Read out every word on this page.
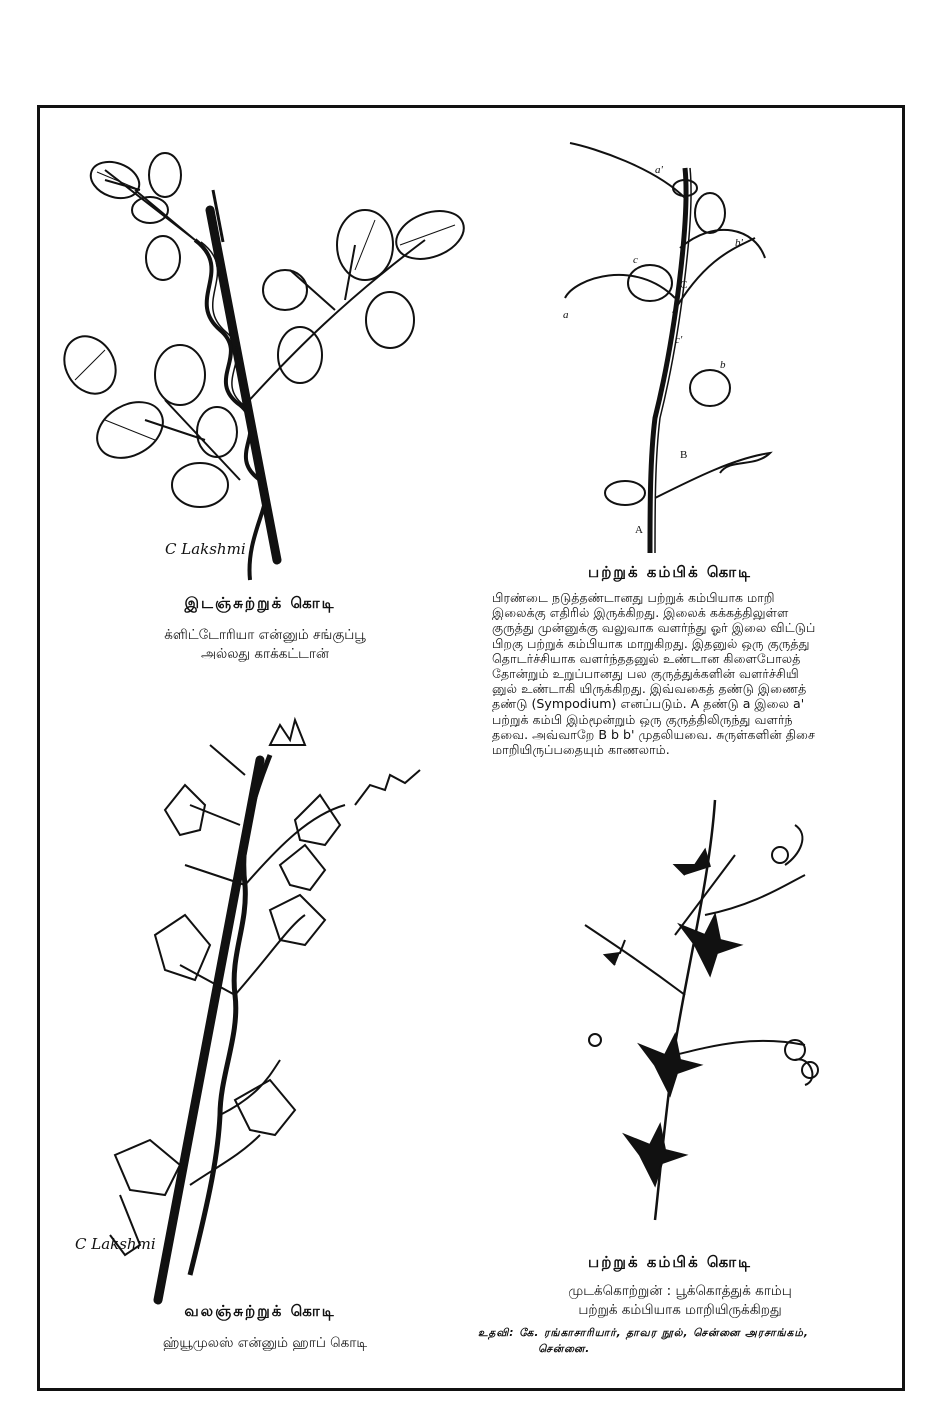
C Lakshmi
இடஞ்சுற்றுக் கொடி
க்ளிட்டோரியா என்னும் சங்குப்பூ
அல்லது காக்கட்டான்
a
a'
b
b'
c
c'
A
B
C
பற்றுக் கம்பிக் கொடி
பிரண்டை நடுத்தண்டானது பற்றுக் கம்பியாக மாறி
இலைக்கு எதிரில் இருக்கிறது. இலைக் கக்கத்திலுள்ள
குருத்து முன்னுக்கு வலுவாக வளர்ந்து ஓர் இலை விட்டுப்
பிறகு பற்றுக் கம்பியாக மாறுகிறது. இதனுல் ஒரு குருத்து
தொடர்ச்சியாக வளர்ந்ததனுல் உண்டான கிளைபோலத்
தோன்றும் உறுப்பானது பல குருத்துக்களின் வளர்ச்சியி
னுல் உண்டாகி யிருக்கிறது. இவ்வகைத் தண்டு இணைத்
தண்டு (Sympodium) எனப்படும். A தண்டு a இலை a'
பற்றுக் கம்பி இம்மூன்றும் ஒரு குருத்திலிருந்து வளர்ந்
தவை. அவ்வாறே B b b' முதலியவை. சுருள்களின் திசை
மாறியிருப்பதையும் காணலாம்.
C Lakshmi
வலஞ்சுற்றுக் கொடி
ஹ்யூமுலஸ் என்னும் ஹாப் கொடி
பற்றுக் கம்பிக் கொடி
முடக்கொற்றுன் : பூக்கொத்துக் காம்பு
பற்றுக் கம்பியாக மாறியிருக்கிறது
உதவி: கே. ரங்காசாரியார், தாவர நூல், சென்னை அரசாங்கம்,
சென்னை.
